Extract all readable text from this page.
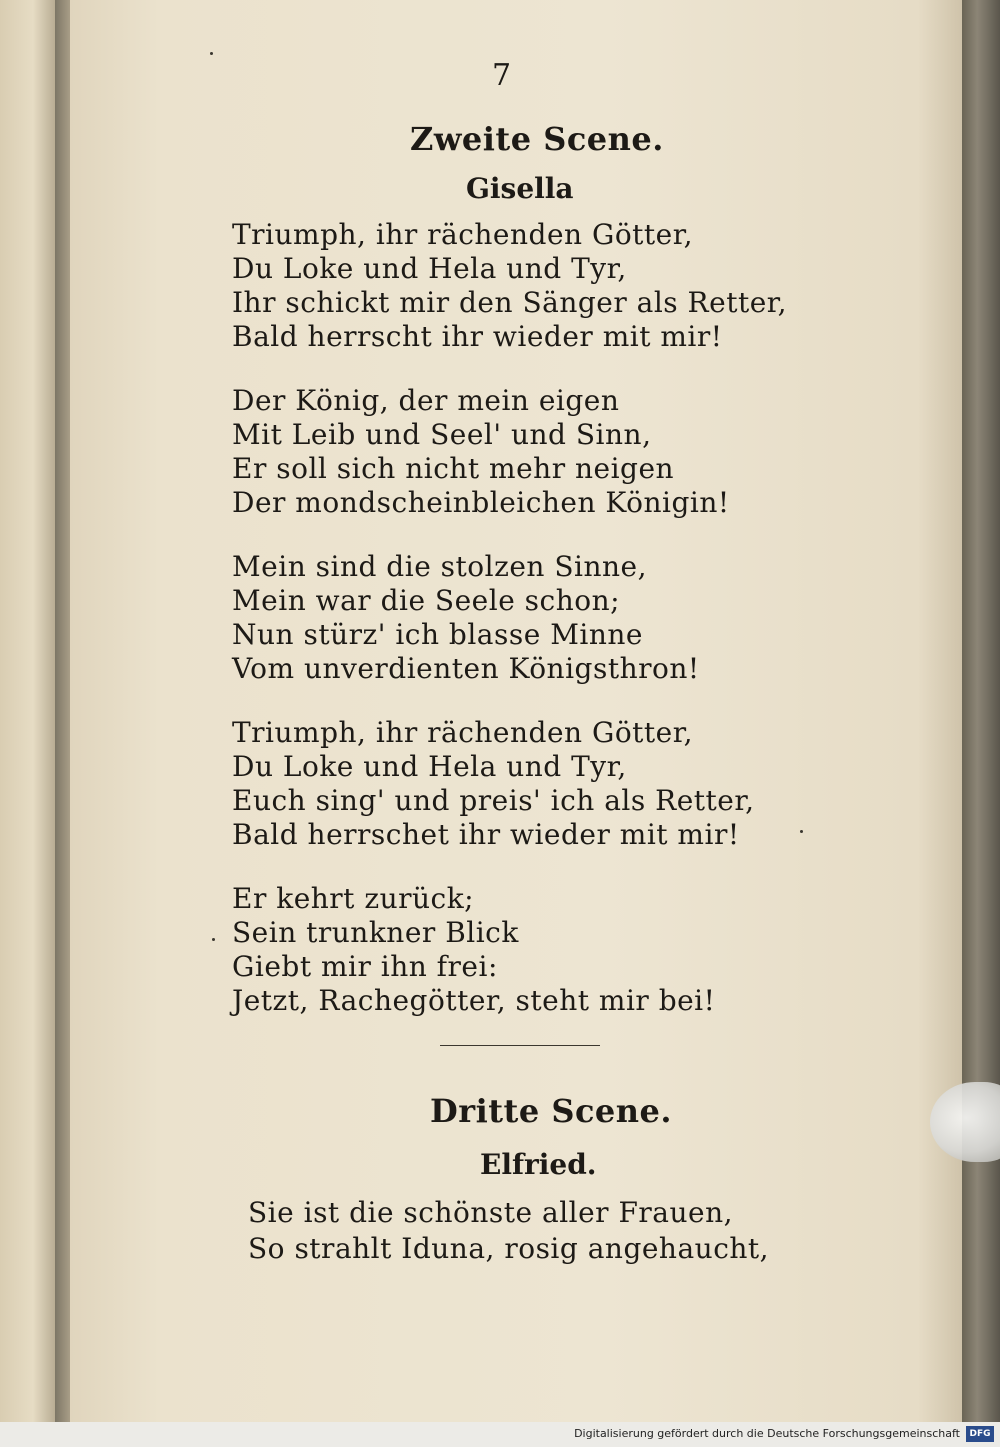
7
Zweite Scene.
Gisella
Triumph, ihr rächenden Götter,
Du Loke und Hela und Tyr,
Ihr schickt mir den Sänger als Retter,
Bald herrscht ihr wieder mit mir!
Der König, der mein eigen
Mit Leib und Seel' und Sinn,
Er soll sich nicht mehr neigen
Der mondscheinbleichen Königin!
Mein sind die stolzen Sinne,
Mein war die Seele schon;
Nun stürz' ich blasse Minne
Vom unverdienten Königsthron!
Triumph, ihr rächenden Götter,
Du Loke und Hela und Tyr,
Euch sing' und preis' ich als Retter,
Bald herrschet ihr wieder mit mir!
Er kehrt zurück;
Sein trunkner Blick
Giebt mir ihn frei:
Jetzt, Rachegötter, steht mir bei!
Dritte Scene.
Elfried.
Sie ist die schönste aller Frauen,
So strahlt Iduna, rosig angehaucht,
Digitalisierung gefördert durch die Deutsche Forschungsgemeinschaft	DFG
